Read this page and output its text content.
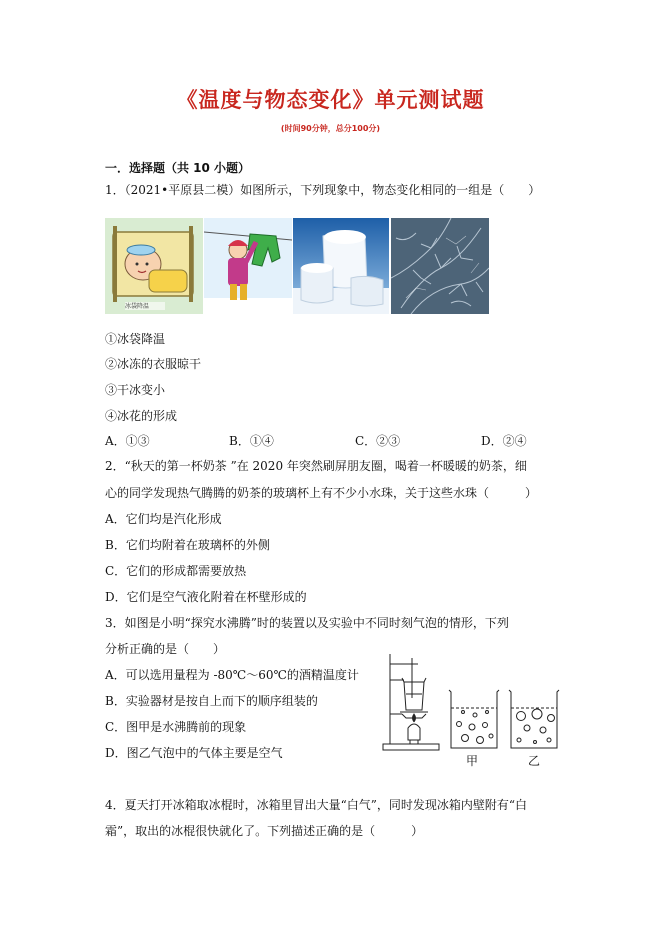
《温度与物态变化》单元测试题
(时间90分钟，总分100分)
一．选择题（共 10 小题）
1．（2021•平原县二模）如图所示，下列现象中，物态变化相同的一组是（　　）
冰袋降温
①冰袋降温
②冰冻的衣服晾干
③干冰变小
④冰花的形成
A．①③	B．①④	C．②③	D．②④
2．“秋天的第一杯奶茶 ”在 2020 年突然刷屏朋友圈，喝着一杯暖暖的奶茶，细
心的同学发现热气腾腾的奶茶的玻璃杯上有不少小水珠，关于这些水珠（　　　）
A．它们均是汽化形成
B．它们均附着在玻璃杯的外侧
C．它们的形成都需要放热
D．它们是空气液化附着在杯壁形成的
3．如图是小明“探究水沸腾”时的装置以及实验中不同时刻气泡的情形，下列
分析正确的是（　　）
A．可以选用量程为 -80℃～60℃的酒精温度计
B．实验器材是按自上而下的顺序组装的
C．图甲是水沸腾前的现象
D．图乙气泡中的气体主要是空气
甲	乙
4．夏天打开冰箱取冰棍时，冰箱里冒出大量“白气”，同时发现冰箱内壁附有“白
霜”，取出的冰棍很快就化了。下列描述正确的是（　　　）
